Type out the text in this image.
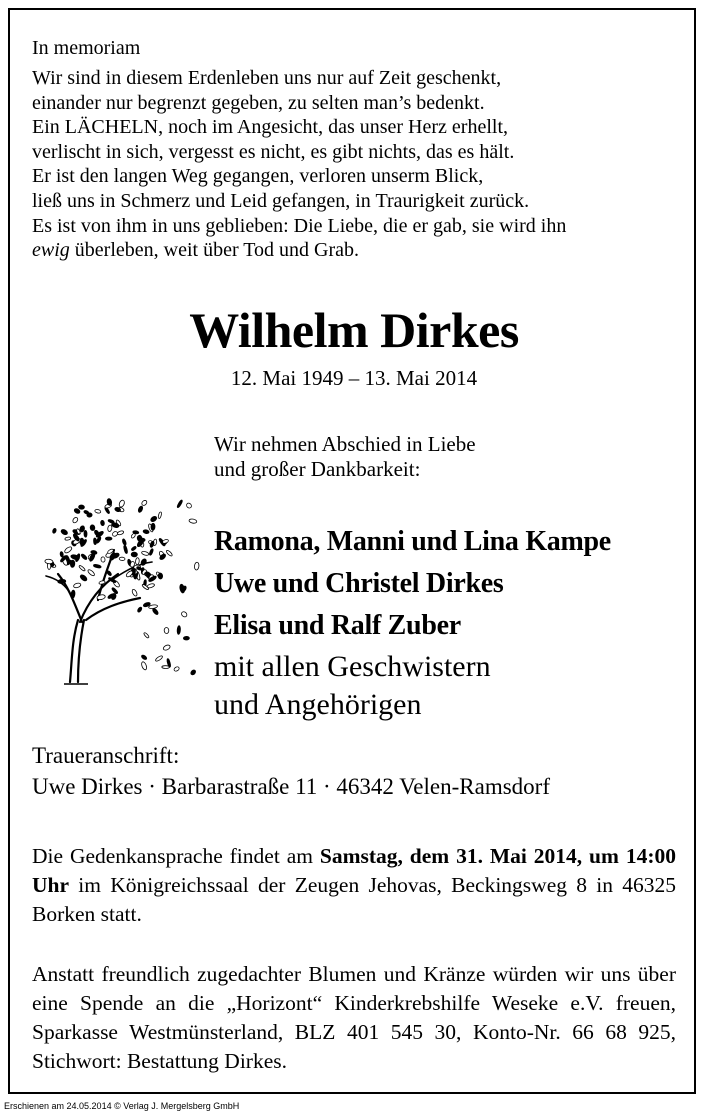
In memoriam
Wir sind in diesem Erdenleben uns nur auf Zeit geschenkt,
einander nur begrenzt gegeben, zu selten man’s bedenkt.
Ein LÄCHELN, noch im Angesicht, das unser Herz erhellt,
verlischt in sich, vergesst es nicht, es gibt nichts, das es hält.
Er ist den langen Weg gegangen, verloren unserm Blick,
ließ uns in Schmerz und Leid gefangen, in Traurigkeit zurück.
Es ist von ihm in uns geblieben: Die Liebe, die er gab, sie wird ihn
ewig überleben, weit über Tod und Grab.
Wilhelm Dirkes
12. Mai 1949 – 13. Mai 2014
Wir nehmen Abschied in Liebe
und großer Dankbarkeit:
Ramona, Manni und Lina Kampe
Uwe und Christel Dirkes
Elisa und Ralf Zuber
mit allen Geschwistern
und Angehörigen
Traueranschrift:
Uwe Dirkes · Barbarastraße 11 · 46342 Velen-Ramsdorf
Die Gedenkansprache findet am Samstag, dem 31. Mai 2014, um 14:00 Uhr im Königreichssaal der Zeugen Jehovas, Beckingsweg 8 in 46325 Borken statt.
Anstatt freundlich zugedachter Blumen und Kränze würden wir uns über eine Spende an die „Horizont“ Kinderkrebshilfe Weseke e.V. freuen, Sparkasse Westmünsterland, BLZ 401 545 30, Konto-Nr. 66 68 925, Stichwort: Bestattung Dirkes.
Erschienen am 24.05.2014 © Verlag J. Mergelsberg GmbH
